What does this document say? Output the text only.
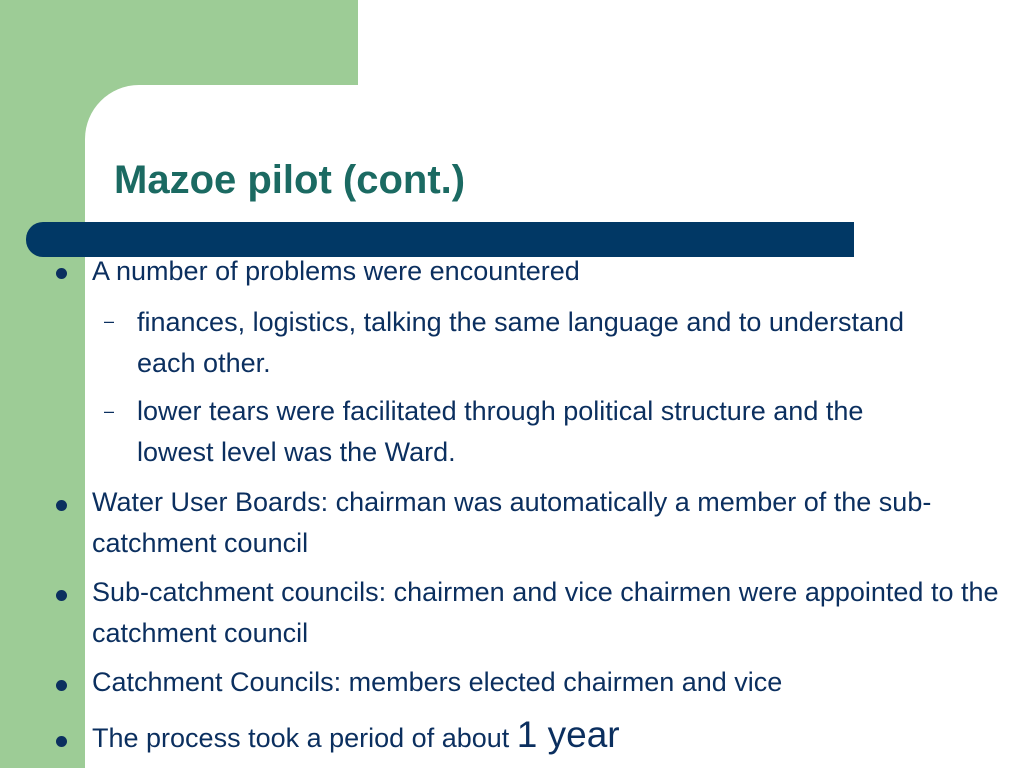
Mazoe pilot (cont.)
A number of problems were encountered
– finances, logistics, talking the same language and to understand each other.
– lower tears were facilitated through political structure and the lowest level was the Ward.
Water User Boards: chairman was automatically a member of the sub-catchment council
Sub-catchment councils: chairmen and vice chairmen were appointed to the catchment council
Catchment Councils: members elected chairmen and vice
The process took a period of about 1 year
